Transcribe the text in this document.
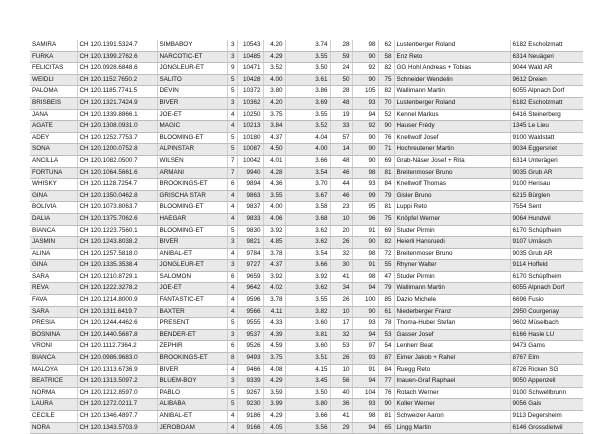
SAMIRA	CH 120.1391.5324.7	SIMBABOY	3	10543	4.20	3.74	28	98	62	Lustenberger Roland	6182 Escholzmatt
FURKA	CH 120.1399.2762.6	NARCOTIC-ET	3	10485	4.29	3.55	59	90	58	Enz Reto	6314 Neuägeri
FELICITAS	CH 120.0928.6848.6	JONGLEUR-ET	9	10471	3.52	3.50	24	92	82	GG Hohl Andreas + Tobias	9044 Wald AR
WEIDLI	CH 120.1152.7650.2	SALITO	5	10428	4.00	3.61	50	90	75	Schneider Wendelin	9612 Dreien
PALOMA	CH 120.1185.7741.5	DEVIN	5	10372	3.80	3.86	28	105	82	Wallimann Martin	6055 Alpnach Dorf
BRISBEIS	CH 120.1321.7424.9	BIVER	3	10362	4.20	3.69	48	93	70	Lustenberger Roland	6182 Escholzmatt
JANA	CH 120.1339.8866.1	JOE-ET	4	10250	3.75	3.55	19	94	52	Kennel Markus	6416 Steinerberg
AGATE	CH 120.1308.0931.0	MAGIC	4	10213	3.84	3.52	33	92	90	Hauser Frédy	1345 Le Lieu
ADEY	CH 120.1252.7753.7	BLOOMING-ET	5	10180	4.37	4.04	57	90	76	Knellwolf Josef	9100 Waldstatt
SONA	CH 120.1200.0752.8	ALPINSTAR	5	10087	4.50	4.00	14	90	71	Hochreutener Martin	9034 Eggersriet
ANCILLA	CH 120.1082.0500.7	WILSEN	7	10042	4.01	3.66	48	90	69	Grab-Näser Josef + Rita	6314 Unterägeri
FORTUNA	CH 120.1064.5661.6	ARMANI	7	9940	4.28	3.54	46	98	81	Breitenmoser Bruno	9035 Grub AR
WHISKY	CH 120.1128.7254.7	BROOKINGS-ET	6	9894	4.36	3.70	44	93	84	Knellwolf Thomas	9100 Herisau
GINA	CH 120.1350.0462.8	GRISCHA STAR	4	9863	3.55	3.67	46	99	79	Gisler Bruno	6215 Bürglen
BOLIVIA	CH 120.1073.8063.7	BLOOMING-ET	4	9837	4.00	3.58	23	95	81	Luppi Reto	7554 Sent
DALIA	CH 120.1375.7062.6	HAEGAR	4	9833	4.06	3.68	10	96	75	Knöpfel Werner	9064 Hundwil
BIANCA	CH 120.1223.7560.1	BLOOMING-ET	5	9830	3.92	3.62	20	91	69	Studer Pirmin	6170 Schüpfheim
JASMIN	CH 120.1243.8038.2	BIVER	3	9821	4.85	3.62	26	90	82	Heierli Hansruedi	9107 Urnäsch
ALINA	CH 120.1257.5818.0	ANIBAL-ET	4	9784	3.78	3.54	32	98	72	Breitenmoser Bruno	9035 Grub AR
GINA	CH 120.1335.3538.4	JONGLEUR-ET	3	9727	4.37	3.66	30	91	55	Rhyner Walter	9114 Hoffeld
SARA	CH 120.1210.8729.1	SALOMON	6	9659	3.92	3.92	41	98	47	Studer Pirmin	6170 Schüpfheim
REVA	CH 120.1222.3278.2	JOE-ET	4	9642	4.02	3.62	34	94	79	Wallimann Martin	6055 Alpnach Dorf
FAVA	CH 120.1214.8000.9	FANTASTIC-ET	4	9596	3.78	3.55	26	100	85	Dazio Michele	6696 Fusio
SARA	CH 120.1311.6419.7	BAXTER	4	9566	4.11	3.82	10	90	61	Niederberger Franz	2950 Courgenay
PRESIA	CH 120.1244.4462.6	PRESENT	5	9555	4.33	3.60	17	93	78	Thoma-Huber Stefan	9602 Müselbach
BOSNINA	CH 120.1440.5687.8	BENDER-ET	3	9537	4.39	3.81	32	94	53	Gasser Josef	6166 Hasle LU
VRONI	CH 120.1112.7364.2	ZEPHIR	6	9526	4.59	3.60	53	97	54	Lenherr Beat	9473 Gams
BIANCA	CH 120.0986.9683.0	BROOKINGS-ET	8	9493	3.75	3.51	26	93	87	Eimer Jakob + Rahel	8767 Elm
MALOYA	CH 120.1313.6736.9	BIVER	4	9466	4.08	4.15	10	91	84	Ruegg Reto	8726 Ricken SG
BEATRICE	CH 120.1313.5097.2	BLUEM-BOY	3	9339	4.29	3.45	56	94	77	Inauen-Graf Raphael	9050 Appenzell
NORMA	CH 120.1212.8597.0	PABLO	5	9267	3.59	3.50	40	104	76	Rotach Werner	9100 Schwellbrunn
LAURA	CH 120.1272.0211.7	ALIBABA	5	9230	3.99	3.80	36	93	90	Koller Werner	9056 Gais
CECILE	CH 120.1346.4897.7	ANIBAL-ET	4	9186	4.29	3.66	41	98	81	Schweizer Aaron	9113 Degersheim
NORA	CH 120.1343.5703.9	JEROBOAM	4	9166	4.05	3.56	29	94	65	Lingg Martin	6146 Grossdietwil
